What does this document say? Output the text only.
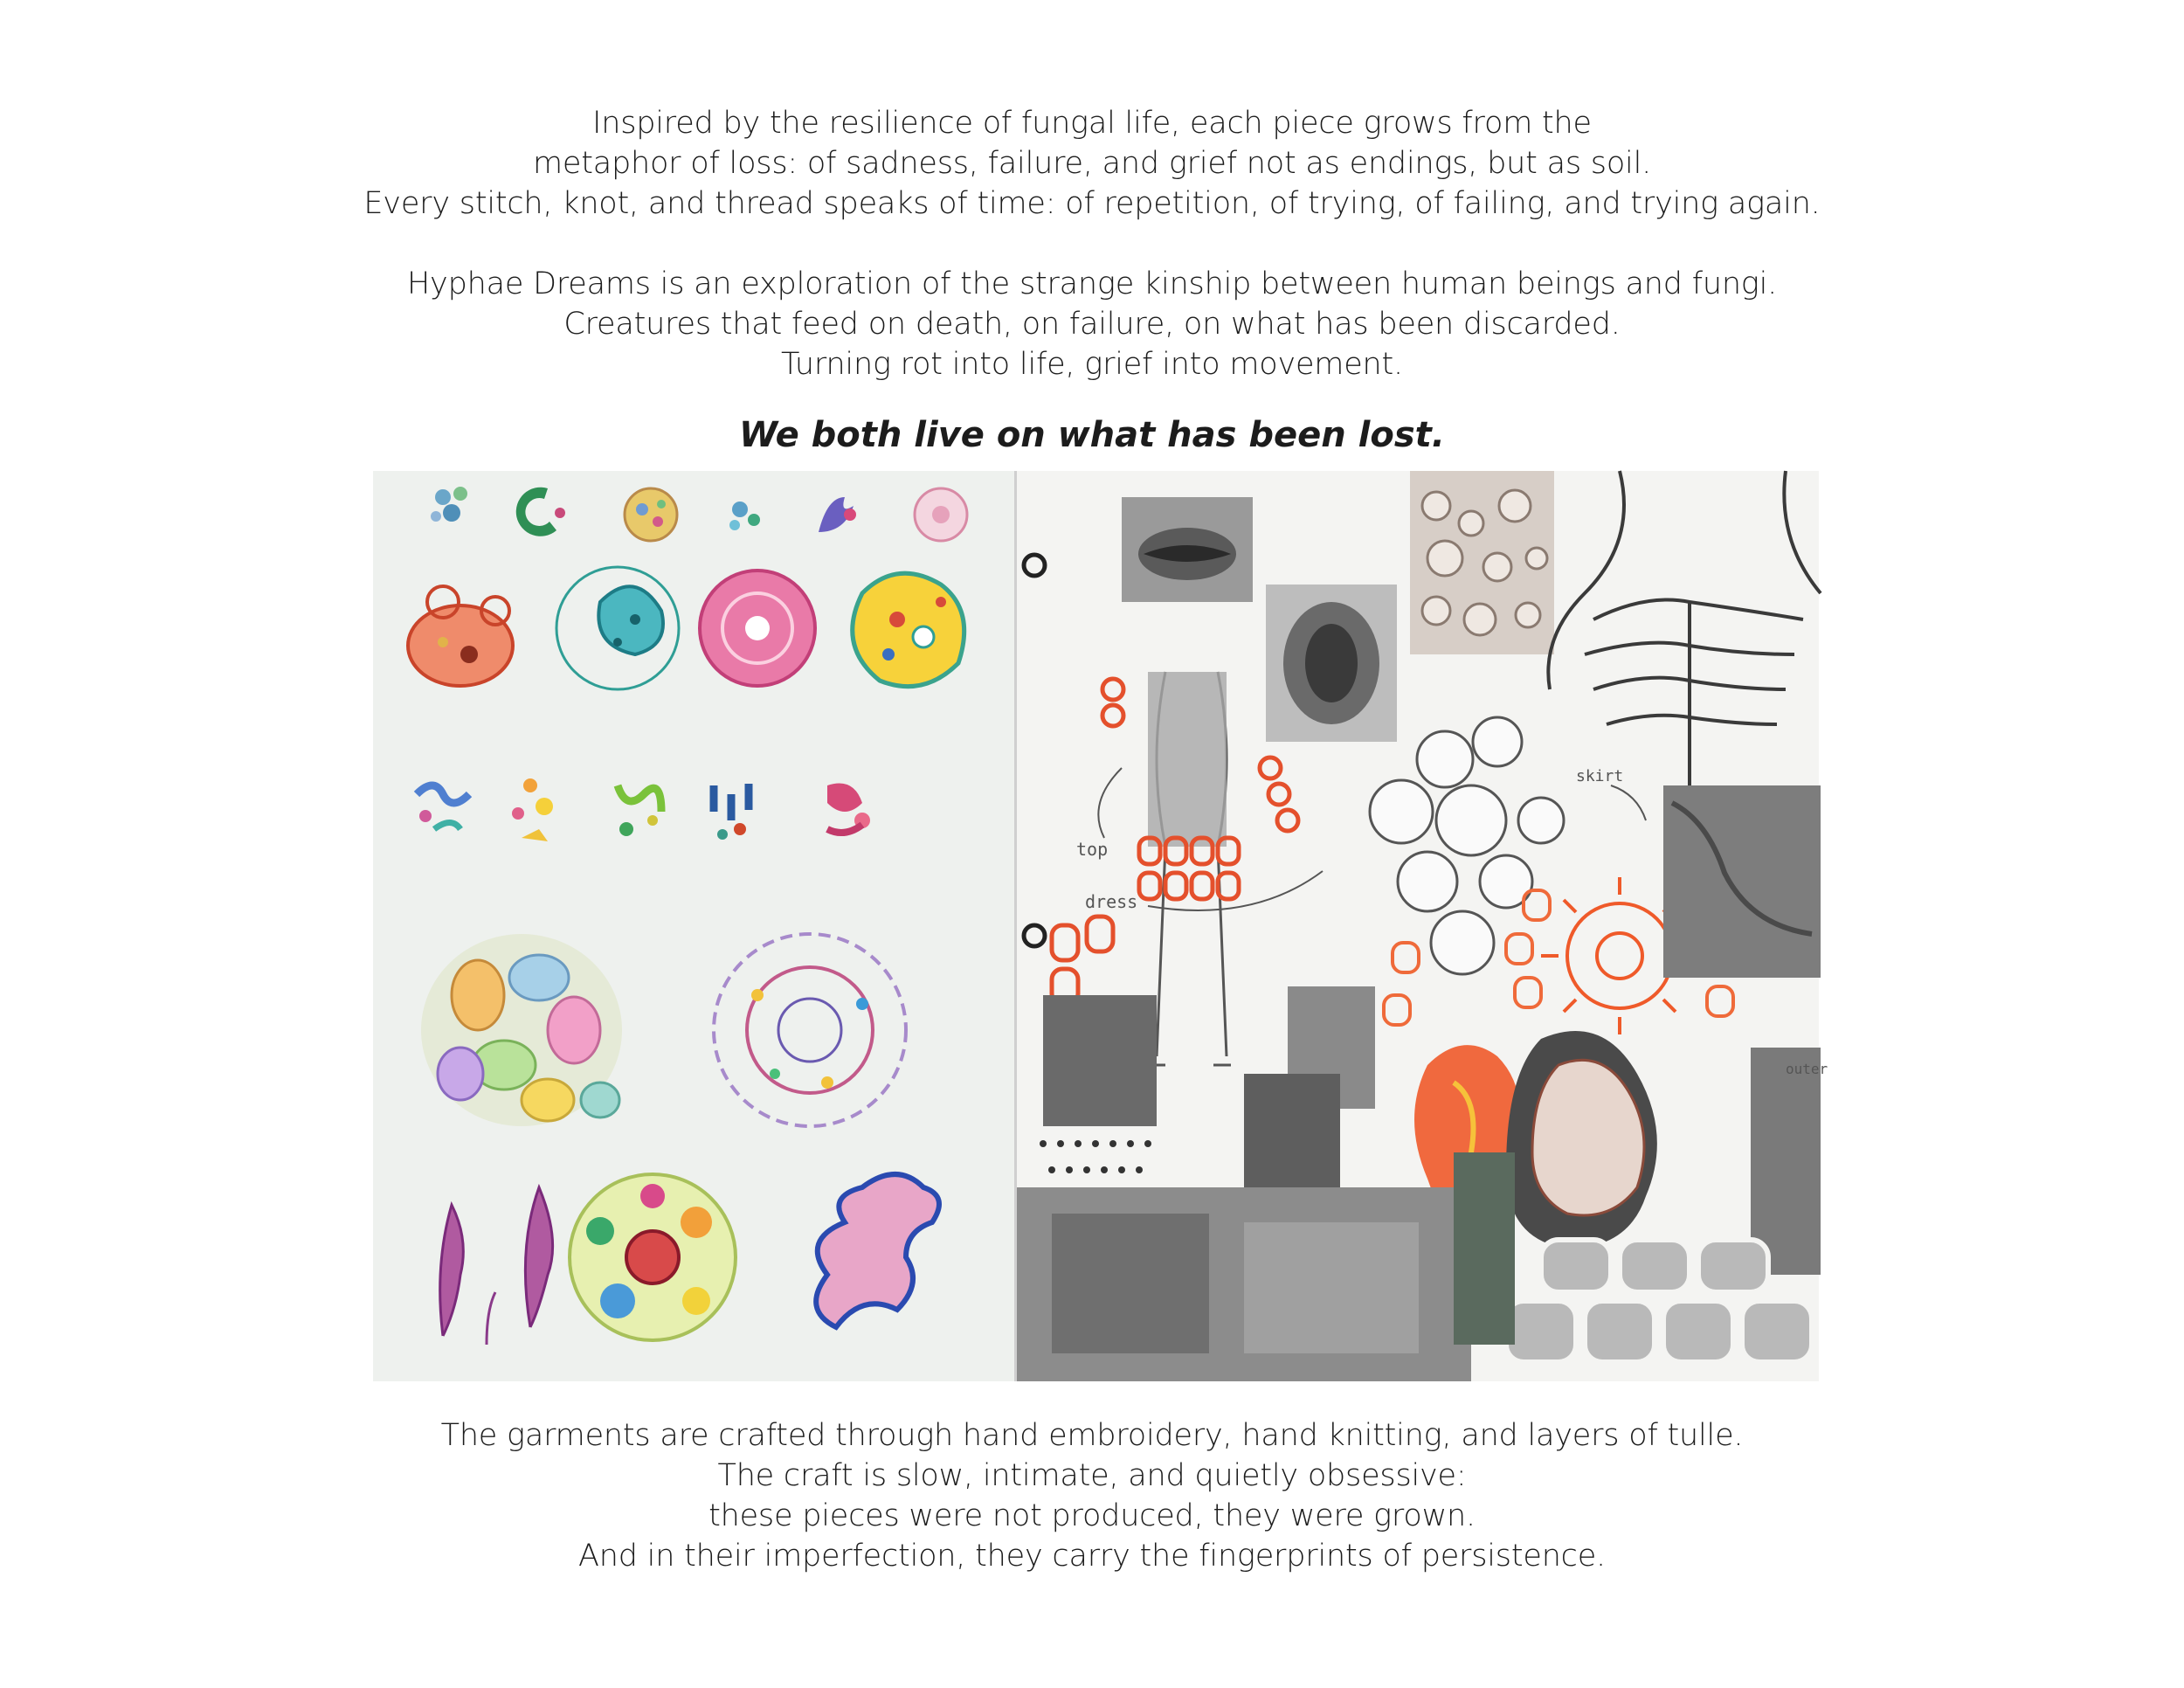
Inspired by the resilience of fungal life, each piece grows from the
metaphor of loss: of sadness, failure, and grief not as endings, but as soil.
Every stitch, knot, and thread speaks of time: of repetition, of trying, of failing, and trying again.
Hyphae Dreams is an exploration of the strange kinship between human beings and fungi.
Creatures that feed on death, on failure, on what has been discarded.
Turning rot into life, grief into movement.
We both live on what has been lost.
top
dress
skirt
outer
The garments are crafted through hand embroidery, hand knitting, and layers of tulle.
The craft is slow, intimate, and quietly obsessive:
these pieces were not produced, they were grown.
And in their imperfection, they carry the fingerprints of persistence.
